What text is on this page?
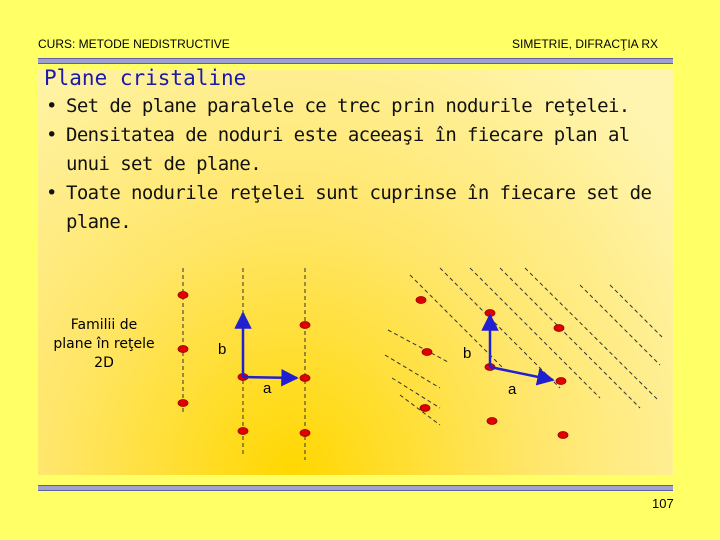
CURS: METODE NEDISTRUCTIVE	SIMETRIE, DIFRACŢIA RX
Plane cristaline
• Set de plane paralele ce trec prin nodurile reţelei.
• Densitatea de noduri este aceeaşi în fiecare plan al unui set de plane.
• Toate nodurile reţelei sunt cuprinse în fiecare set de plane.
Familii de plane în reţele 2D
b
a
b
a
107
